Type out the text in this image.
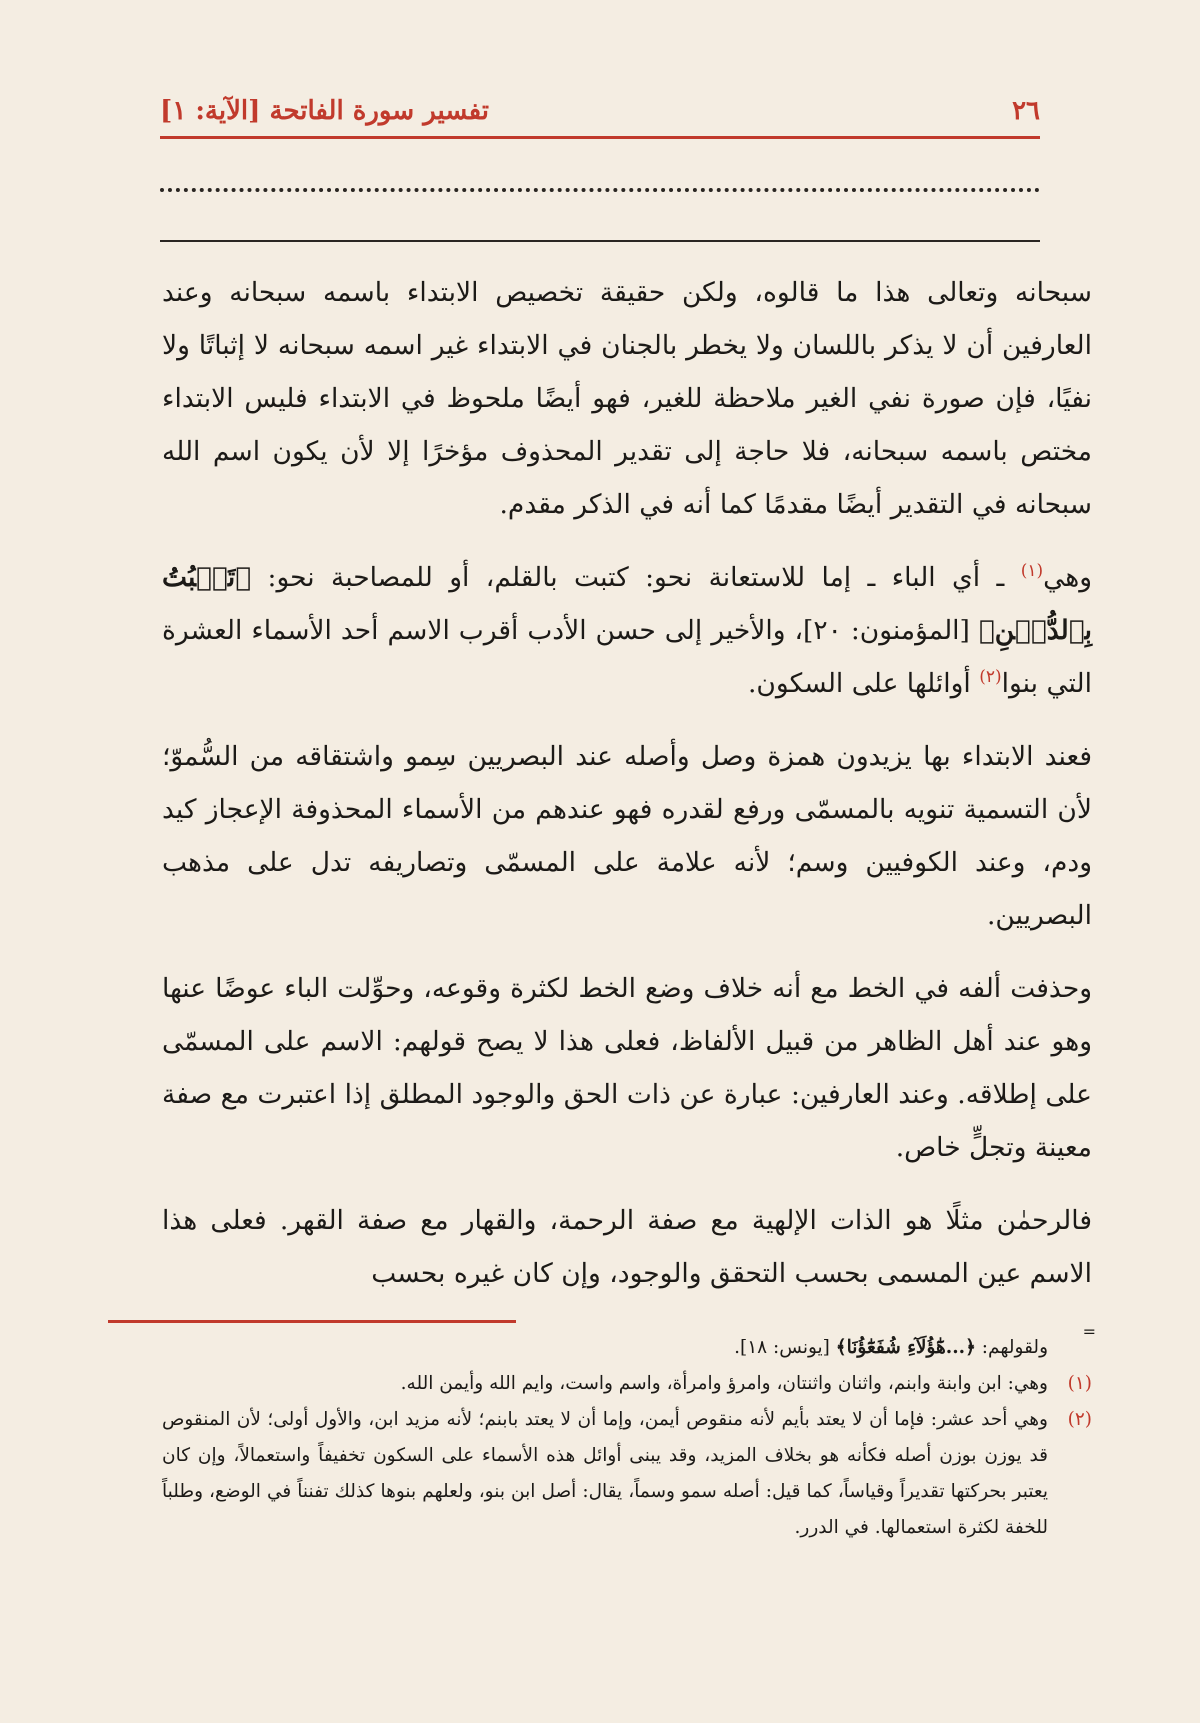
٢٦
تفسير سورة الفاتحة [الآية: ١]

سبحانه وتعالى هذا ما قالوه، ولكن حقيقة تخصيص الابتداء باسمه سبحانه وعند العارفين أن لا يذكر باللسان ولا يخطر بالجنان في الابتداء غير اسمه سبحانه لا إثباتًا ولا نفيًا، فإن صورة نفي الغير ملاحظة للغير، فهو أيضًا ملحوظ في الابتداء فليس الابتداء مختص باسمه سبحانه، فلا حاجة إلى تقدير المحذوف مؤخرًا إلا لأن يكون اسم الله سبحانه في التقدير أيضًا مقدمًا كما أنه في الذكر مقدم.

وهي$^{(١)}$ ـ أي الباء ـ إما للاستعانة نحو: كتبت بالقلم، أو للمصاحبة نحو: ﴿تَنۢبُتُ بِٱلدُّهۡنِ﴾ [المؤمنون: ٢٠]، والأخير إلى حسن الأدب أقرب الاسم أحد الأسماء العشرة التي بنوا$^{(٢)}$ أوائلها على السكون.

فعند الابتداء بها يزيدون همزة وصل وأصله عند البصريين سِمو واشتقاقه من السُّموّ؛ لأن التسمية تنويه بالمسمّى ورفع لقدره فهو عندهم من الأسماء المحذوفة الإعجاز كيد ودم، وعند الكوفيين وسم؛ لأنه علامة على المسمّى وتصاريفه تدل على مذهب البصريين.

وحذفت ألفه في الخط مع أنه خلاف وضع الخط لكثرة وقوعه، وحوِّلت الباء عوضًا عنها وهو عند أهل الظاهر من قبيل الألفاظ، فعلى هذا لا يصح قولهم: الاسم على المسمّى على إطلاقه. وعند العارفين: عبارة عن ذات الحق والوجود المطلق إذا اعتبرت مع صفة معينة وتجلٍّ خاص.

فالرحمٰن مثلًا هو الذات الإلهية مع صفة الرحمة، والقهار مع صفة القهر. فعلى هذا الاسم عين المسمى بحسب التحقق والوجود، وإن كان غيره بحسب

=
ولقولهم: ﴿...هَٰٓؤُلَآءِ شُفَعَٰٓؤُنَا﴾ [يونس: ١٨].
(١)
وهي: ابن وابنة وابنم، واثنان واثنتان، وامرؤ وامرأة، واسم واست، وايم الله وأيمن الله.
(٢)
وهي أحد عشر: فإما أن لا يعتد بأيم لأنه منقوص أيمن، وإما أن لا يعتد بابنم؛ لأنه مزيد ابن، والأول أولى؛ لأن المنقوص قد يوزن بوزن أصله فكأنه هو بخلاف المزيد، وقد يبنى أوائل هذه الأسماء على السكون تخفيفاً واستعمالاً، وإن كان يعتبر بحركتها تقديراً وقياساً، كما قيل: أصله سمو وسماً، يقال: أصل ابن بنو، ولعلهم بنوها كذلك تفنناً في الوضع، وطلباً للخفة لكثرة استعمالها. في الدرر.
